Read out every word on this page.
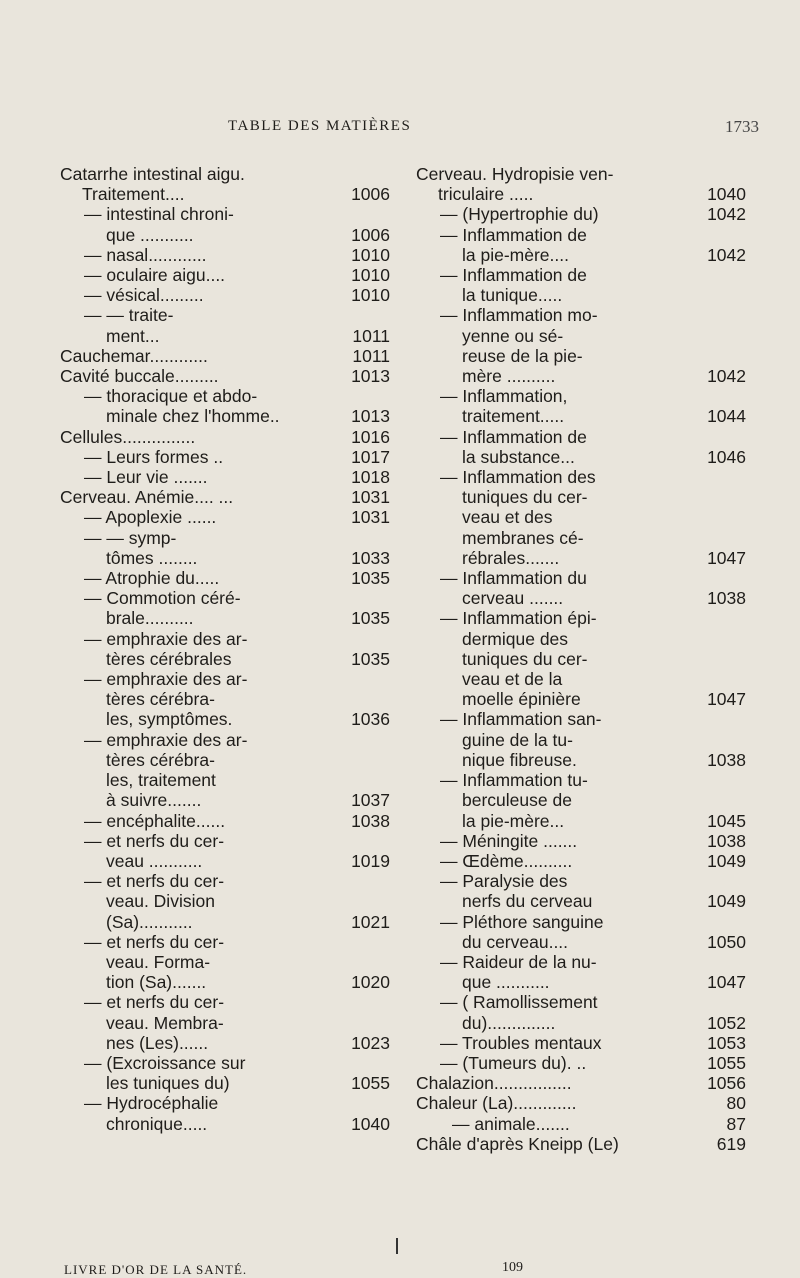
TABLE DES MATIÈRES	1733
Catarrhe intestinal aigu.
Traitement....	1006
— intestinal chroni-
que ...........	1006
— nasal............	1010
— oculaire aigu....	1010
— vésical.........	1010
— — traite-
ment...	1011
Cauchemar............	1011
Cavité buccale.........	1013
— thoracique et abdo-
minale chez l'homme..	1013
Cellules...............	1016
— Leurs formes ..	1017
— Leur vie .......	1018
Cerveau. Anémie.... ...	1031
— Apoplexie ......	1031
— — symp-
tômes ........	1033
— Atrophie du.....	1035
— Commotion céré-
brale..........	1035
— emphraxie des ar-
tères cérébrales	1035
— emphraxie des ar-
tères cérébra-
les, symptômes.	1036
— emphraxie des ar-
tères cérébra-
les, traitement
à suivre.......	1037
— encéphalite......	1038
— et nerfs du cer-
veau ...........	1019
— et nerfs du cer-
veau. Division
(Sa)...........	1021
— et nerfs du cer-
veau. Forma-
tion (Sa).......	1020
— et nerfs du cer-
veau. Membra-
nes (Les)......	1023
— (Excroissance sur
les tuniques du)	1055
— Hydrocéphalie
chronique.....	1040
Cerveau. Hydropisie ven-
triculaire .....	1040
— (Hypertrophie du)	1042
— Inflammation de
la pie-mère....	1042
— Inflammation de
la tunique.....
— Inflammation mo-
yenne ou sé-
reuse de la pie-
mère ..........	1042
— Inflammation,
traitement.....	1044
— Inflammation de
la substance...	1046
— Inflammation des
tuniques du cer-
veau et des
membranes cé-
rébrales.......	1047
— Inflammation du
cerveau .......	1038
— Inflammation épi-
dermique des
tuniques du cer-
veau et de la
moelle épinière	1047
— Inflammation san-
guine de la tu-
nique fibreuse.	1038
— Inflammation tu-
berculeuse de
la pie-mère...	1045
— Méningite .......	1038
— Œdème..........	1049
— Paralysie des
nerfs du cerveau	1049
— Pléthore sanguine
du cerveau....	1050
— Raideur de la nu-
que ...........	1047
— ( Ramollissement
du)..............	1052
— Troubles mentaux	1053
— (Tumeurs du). ..	1055
Chalazion................	1056
Chaleur (La).............	80
— animale.......	87
Châle d'après Kneipp (Le)	619
LIVRE D'OR DE LA SANTÉ.	109
